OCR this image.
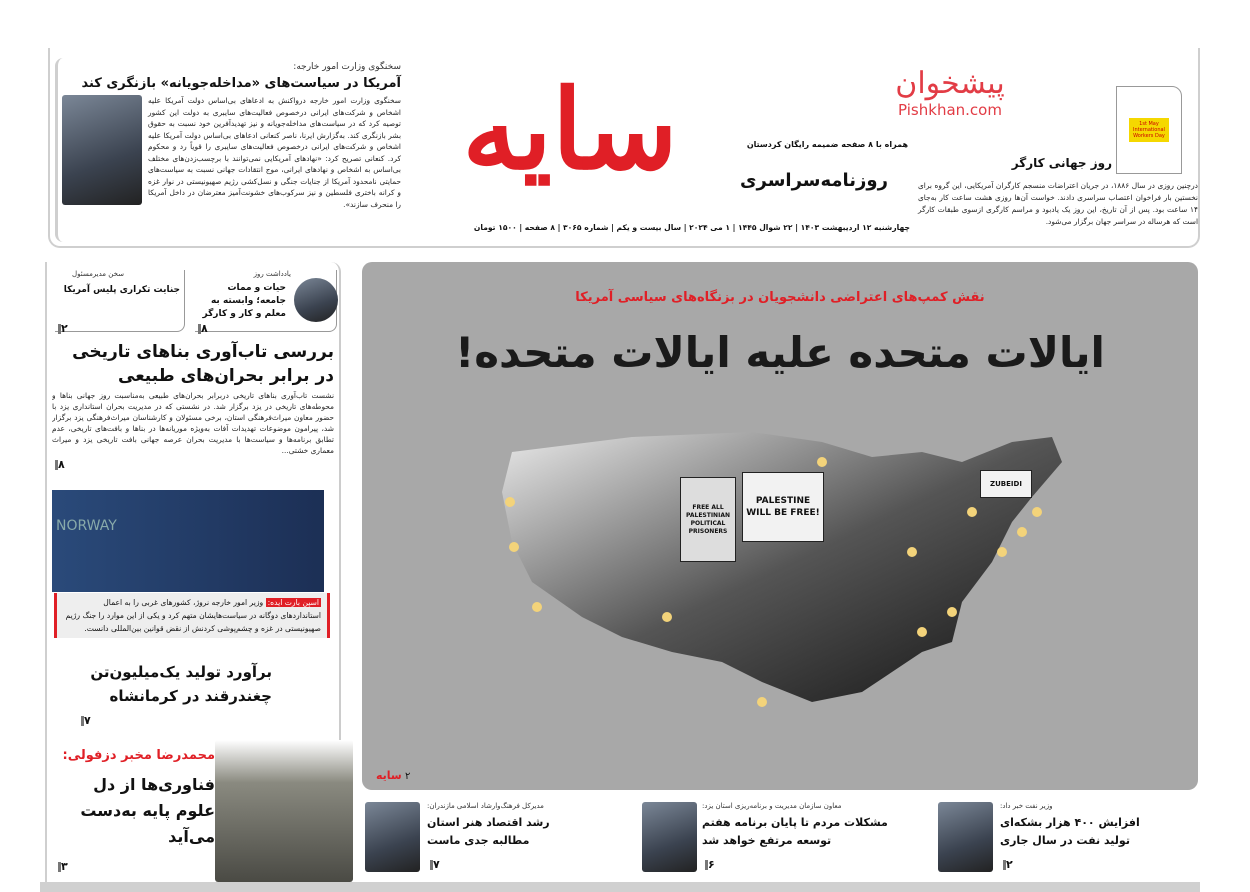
سخنگوی وزارت امور خارجه:
آمریکا در سیاست‌های «مداخله‌جویانه» بازنگری کند
سخنگوی وزارت امور خارجه درواکنش به ادعاهای بی‌اساس دولت آمریکا علیه اشخاص و شرکت‌های ایرانی درخصوص فعالیت‌های سایبری به دولت این کشور توصیه کرد که در سیاست‌های مداخله‌جویانه و نیز تهدیدآفرین خود نسبت به حقوق بشر بازنگری کند. به‌گزارش ایرنا، ناصر کنعانی ادعاهای بی‌اساس دولت آمریکا علیه اشخاص و شرکت‌های ایرانی درخصوص فعالیت‌های سایبری را قویاً رد و محکوم کرد. کنعانی تصریح کرد: «نهادهای آمریکایی نمی‌توانند با برچسب‌زدن‌های مختلف بی‌اساس به اشخاص و نهادهای ایرانی، موج انتقادات جهانی نسبت به سیاست‌های حمایتی نامحدود آمریکا از جنایات جنگی و نسل‌کشی رژیم صهیونیستی در نوار غزه و کرانه باختری فلسطین و نیز سرکوب‌های خشونت‌آمیز معترضان در داخل آمریکا را منحرف سازند».
سایه	همراه با ۸ صفحه ضمیمه رایگان کردستان
روزنامه‌سراسری
چهارشنبه ۱۲ اردیبهشت ۱۴۰۳ | ۲۲ شوال ۱۴۴۵ | ۱ می ۲۰۲۴ | سال بیست و یکم | شماره ۳۰۶۵ | ۸ صفحه | ۱۵۰۰ تومان
پیشخوان
Pishkhan.com
1st May International Workers Day
روز جهانی کارگر
درچنین روزی در سال ۱۸۸۶، در جریان اعتراضات منسجم کارگران آمریکایی، این گروه برای نخستین بار فراخوان اعتصاب سراسری دادند. خواست آن‌ها روزی هشت ساعت کار به‌جای ۱۴ ساعت بود. پس از آن تاریخ، این روز یک یادبود و مراسم کارگری ازسوی طبقات کارگر است که هرساله در سراسر جهان برگزار می‌شود.
نقش کمپ‌های اعتراضی دانشجویان در بزنگاه‌های سیاسی آمریکا
ایالات متحده علیه ایالات متحده!
FREE ALL PALESTINIAN POLITICAL PRISONERS
PALESTINE WILL BE FREE!
ZUBEIDI
۲ سایه
یادداشت روز
حیات و ممات جامعه؛ وابسته به معلم و کار و کارگر
۸
سخن مدیرمسئول
جنایت تکراری پلیس آمریکا
۲
بررسی تاب‌آوری بناهای تاریخی در برابر بحران‌های طبیعی
نشست تاب‌آوری بناهای تاریخی دربرابر بحران‌های طبیعی به‌مناسبت روز جهانی بناها و محوطه‌های تاریخی در یزد برگزار شد. در نشستی که در مدیریت بحران استانداری یزد با حضور معاون میراث‌فرهنگی استان، برخی مسئولان و کارشناسان میراث‌فرهنگی یزد برگزار شد، پیرامون موضوعات تهدیدات آفات به‌ویژه موریانه‌ها در بناها و بافت‌های تاریخی، عدم تطابق برنامه‌ها و سیاست‌ها با مدیریت بحران عرصه جهانی بافت تاریخی یزد و میراث معماری خشتی...
۸
NORWAY
اسپن بارت ایده: وزیر امور خارجه نروژ، کشورهای غربی را به اعمال استانداردهای دوگانه در سیاست‌هایشان متهم کرد و یکی از این موارد را جنگ رژیم صهیونیستی در غزه و چشم‌پوشی کردنش از نقض قوانین بین‌المللی دانست.
برآورد تولید یک‌میلیون‌تن چغندرقند در کرمانشاه
۷
محمدرضا مخبر دزفولی:
فناوری‌ها از دل علوم پایه به‌دست می‌آید
۳
وزیر نفت خبر داد:
افزایش ۴۰۰ هزار بشکه‌ای تولید نفت در سال جاری
۲
معاون سازمان مدیریت و برنامه‌ریزی استان یزد:
مشکلات مردم تا پایان برنامه هفتم توسعه مرتفع خواهد شد
۶
مدیرکل فرهنگ‌وارشاد اسلامی مازندران:
رشد اقتصاد هنر استان مطالبه جدی ماست
۷
